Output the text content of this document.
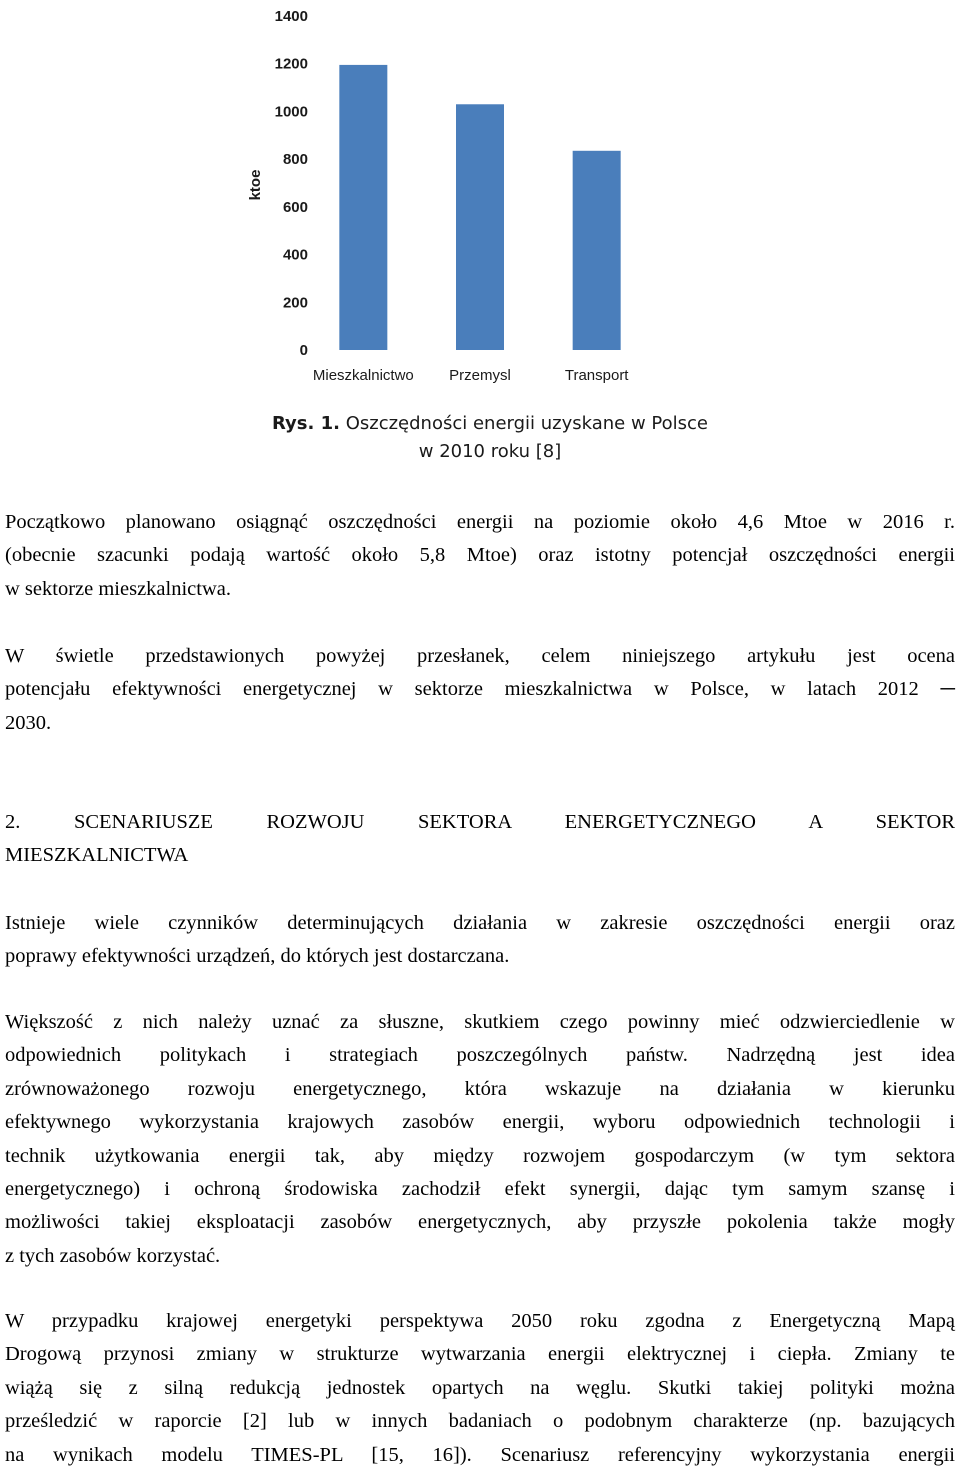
ktoe
0
200
400
600
800
1000
1200
1400
Mieszkalnictwo Przemysl	Transport
Rys. 1. Oszczędności energii uzyskane w Polsce
w 2010 roku [8]
Początkowo planowano osiągnąć oszczędności energii na poziomie około 4,6 Mtoe w 2016 r.
(obecnie szacunki podają wartość około 5,8 Mtoe) oraz istotny potencjał oszczędności energii
w sektorze mieszkalnictwa.
W świetle przedstawionych powyżej przesłanek, celem niniejszego artykułu jest ocena
potencjału efektywności energetycznej w sektorze mieszkalnictwa w Polsce, w latach 2012 ─
2030.
2. SCENARIUSZE ROZWOJU SEKTORA ENERGETYCZNEGO A SEKTOR
MIESZKALNICTWA
Istnieje wiele czynników determinujących działania w zakresie oszczędności energii oraz
poprawy efektywności urządzeń, do których jest dostarczana.
Większość z nich należy uznać za słuszne, skutkiem czego powinny mieć odzwierciedlenie w
odpowiednich politykach i strategiach poszczególnych państw. Nadrzędną jest idea
zrównoważonego rozwoju energetycznego, która wskazuje na działania w kierunku
efektywnego wykorzystania krajowych zasobów energii, wyboru odpowiednich technologii i
technik użytkowania energii tak, aby między rozwojem gospodarczym (w tym sektora
energetycznego) i ochroną środowiska zachodził efekt synergii, dając tym samym szansę i
możliwości takiej eksploatacji zasobów energetycznych, aby przyszłe pokolenia także mogły
z tych zasobów korzystać.
W przypadku krajowej energetyki perspektywa 2050 roku zgodna z Energetyczną Mapą
Drogową przynosi zmiany w strukturze wytwarzania energii elektrycznej i ciepła. Zmiany te
wiążą się z silną redukcją jednostek opartych na węglu. Skutki takiej polityki można
prześledzić w raporcie [2] lub w innych badaniach o podobnym charakterze (np. bazujących
na wynikach modelu TIMES-PL [15, 16]). Scenariusz referencyjny wykorzystania energii
